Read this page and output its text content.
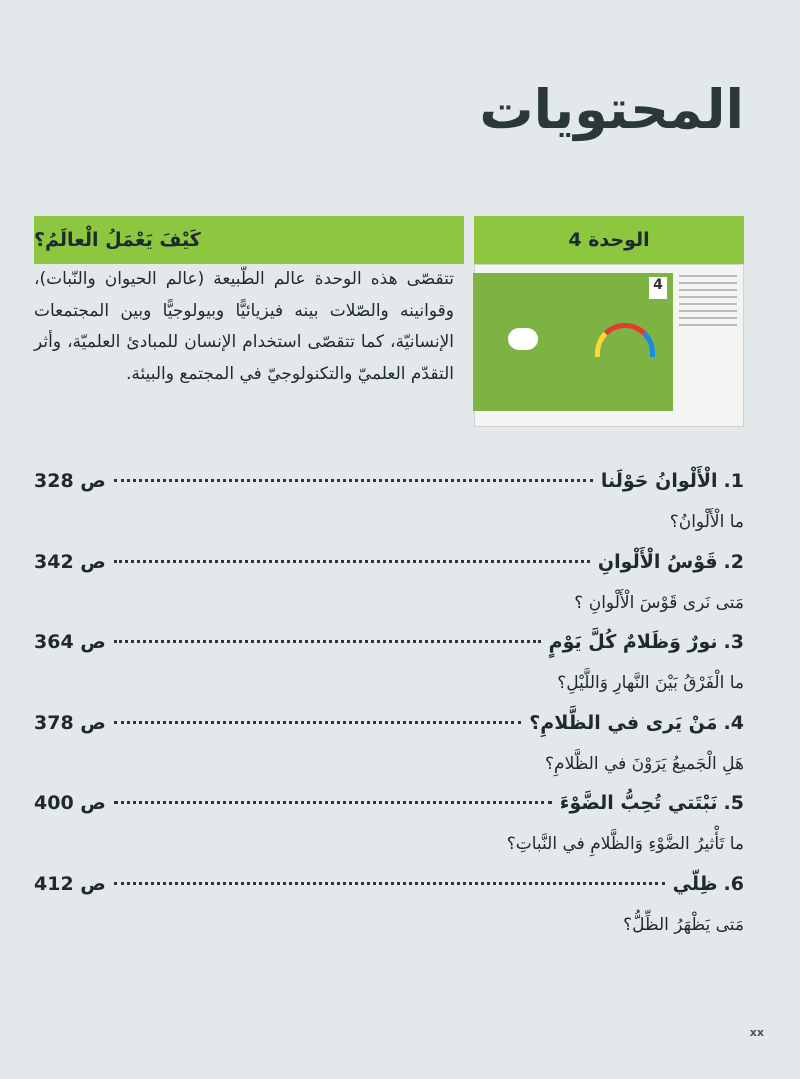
المحتويات
الوحدة 4
كَيْفَ يَعْمَلُ الْعالَمُ؟
4
تتقصّى هذه الوحدة عالم الطّبيعة (عالم الحيوان والنّبات)، وقوانينه والصّلات بينه فيزيائيًّا وبيولوجيًّا وبين المجتمعات الإنسانيّة، كما تتقصّى استخدام الإنسان للمبادئ العلميّة، وأثر التقدّم العلميّ والتكنولوجيّ في المجتمع والبيئة.
1.
الْأَلْوانُ حَوْلَنا
ص 328
ما الْأَلْوانُ؟
2.
قَوْسُ الْأَلْوانِ
ص 342
مَتى نَرى قَوْسَ الْأَلْوانِ ؟
3.
نورٌ وَظَلامٌ كُلَّ يَوْمٍ
ص 364
ما الْفَرْقُ بَيْنَ النَّهارِ وَاللَّيْلِ؟
4.
مَنْ يَرى في الظَّلامِ؟
ص 378
هَلِ الْجَميعُ يَرَوْنَ في الظَّلامِ؟
5.
نَبْتَتي تُحِبُّ الضَّوْءَ
ص 400
ما تَأْثيرُ الضَّوْءِ وَالظَّلامِ في النَّباتِ؟
6.
ظِلّي
ص 412
مَتى يَظْهَرُ الظِّلُّ؟
xx
